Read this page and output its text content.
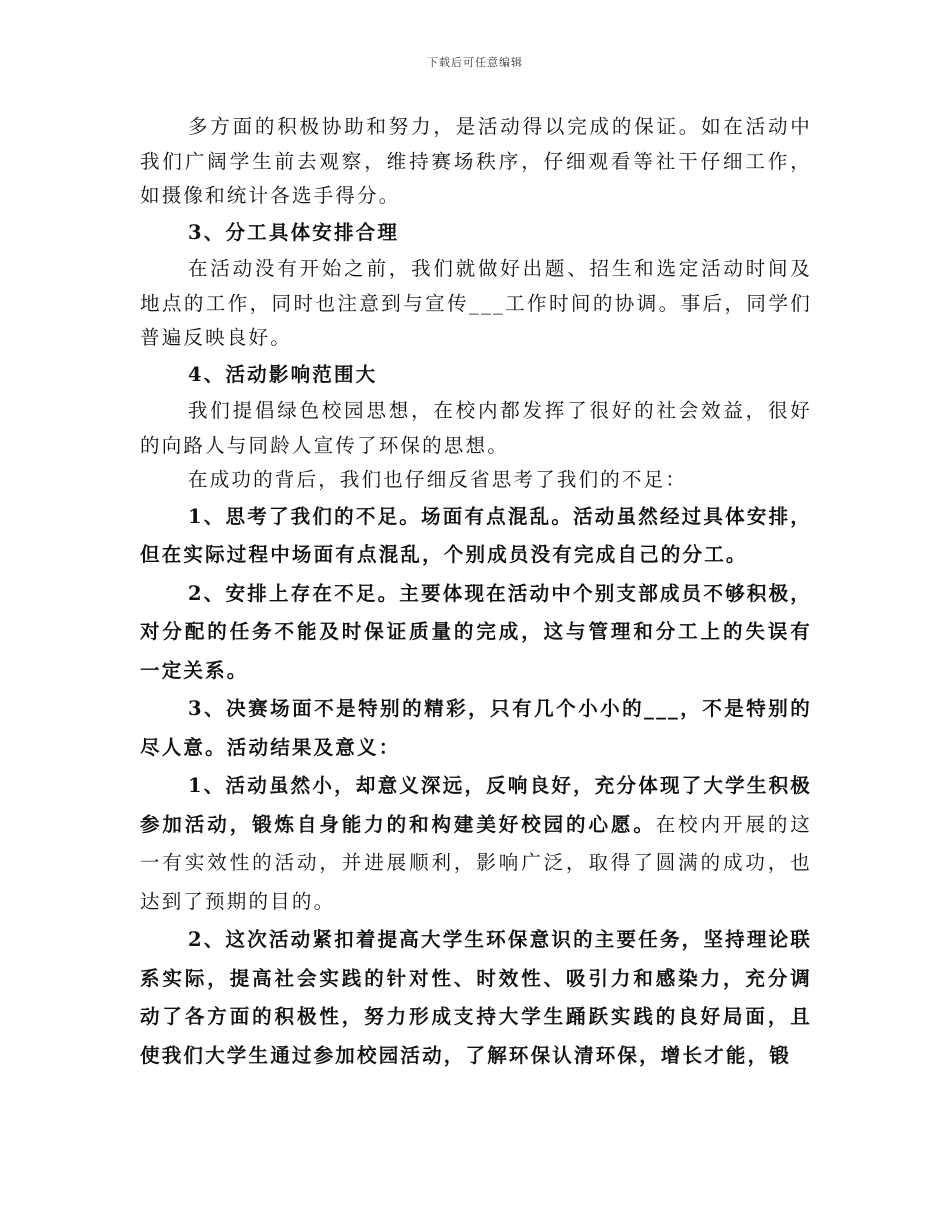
下载后可任意编辑

多方面的积极协助和努力，是活动得以完成的保证。如在活动中我们广阔学生前去观察，维持赛场秩序，仔细观看等社干仔细工作，如摄像和统计各选手得分。

3、分工具体安排合理

在活动没有开始之前，我们就做好出题、招生和选定活动时间及地点的工作，同时也注意到与宣传___工作时间的协调。事后，同学们普遍反映良好。

4、活动影响范围大

我们提倡绿色校园思想，在校内都发挥了很好的社会效益，很好的向路人与同龄人宣传了环保的思想。

在成功的背后，我们也仔细反省思考了我们的不足：

1、思考了我们的不足。场面有点混乱。活动虽然经过具体安排，但在实际过程中场面有点混乱，个别成员没有完成自己的分工。

2、安排上存在不足。主要体现在活动中个别支部成员不够积极，对分配的任务不能及时保证质量的完成，这与管理和分工上的失误有一定关系。

3、决赛场面不是特别的精彩，只有几个小小的___，不是特别的尽人意。活动结果及意义：

1、活动虽然小，却意义深远，反响良好，充分体现了大学生积极参加活动，锻炼自身能力的和构建美好校园的心愿。在校内开展的这一有实效性的活动，并进展顺利，影响广泛，取得了圆满的成功，也达到了预期的目的。

2、这次活动紧扣着提高大学生环保意识的主要任务，坚持理论联系实际，提高社会实践的针对性、时效性、吸引力和感染力，充分调动了各方面的积极性，努力形成支持大学生踊跃实践的良好局面，且使我们大学生通过参加校园活动，了解环保认清环保，增长才能，锻
